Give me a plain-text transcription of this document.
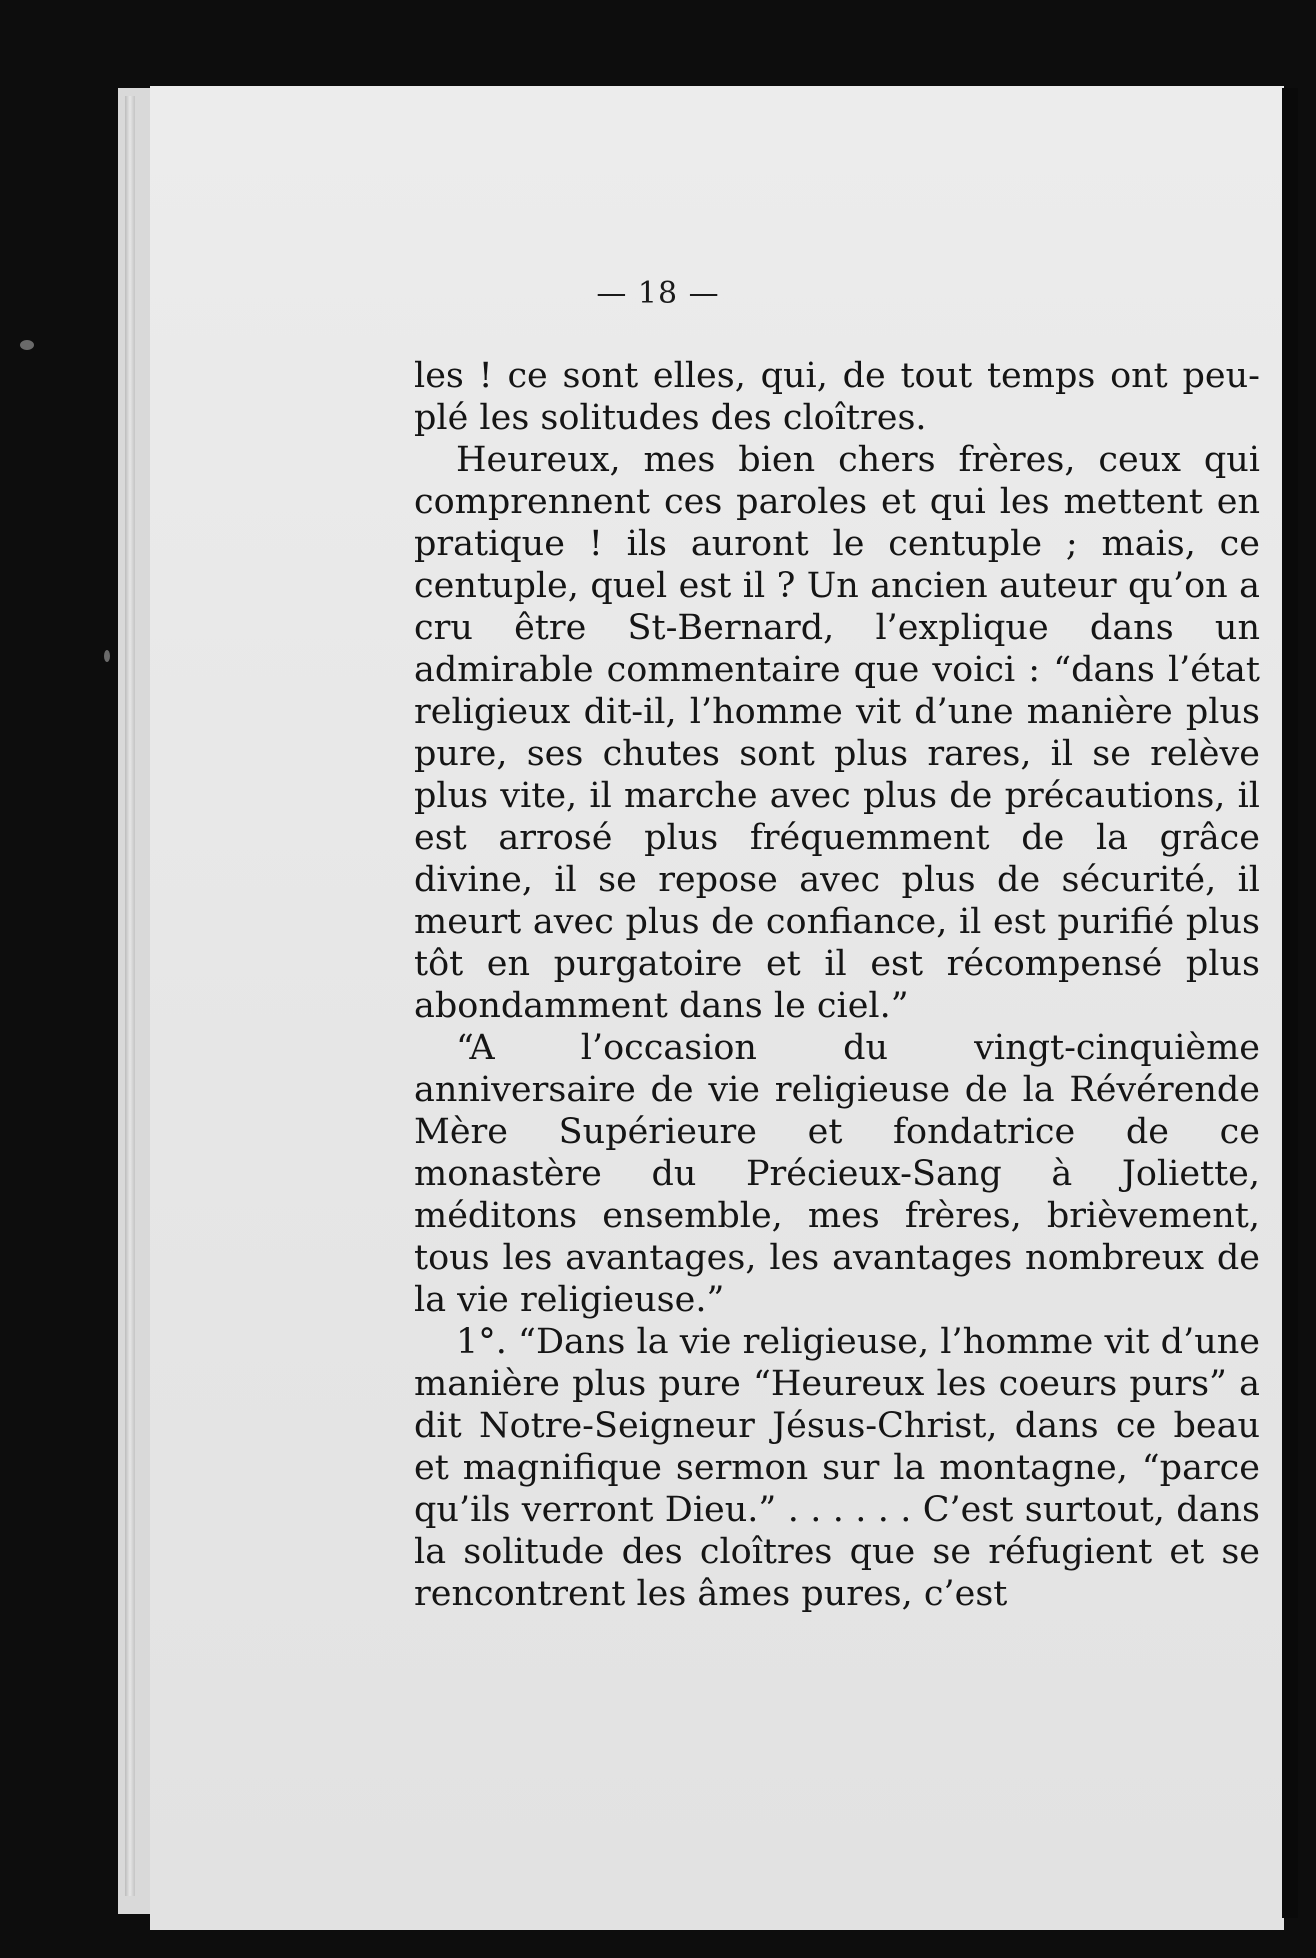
— 18 —

les ! ce sont elles, qui, de tout temps ont peu-plé les solitudes des cloîtres.

Heureux, mes bien chers frères, ceux qui comprennent ces paroles et qui les mettent en pratique ! ils auront le centuple ; mais, ce centuple, quel est il ? Un ancien auteur qu’on a cru être St-Bernard, l’explique dans un admirable commentaire que voici : “dans l’état religieux dit-il, l’homme vit d’une manière plus pure, ses chutes sont plus rares, il se relève plus vite, il marche avec plus de précautions, il est arrosé plus fréquemment de la grâce divine, il se repose avec plus de sécurité, il meurt avec plus de confiance, il est purifié plus tôt en purgatoire et il est récompensé plus abondamment dans le ciel.”

“A l’occasion du vingt-cinquième anniversaire de vie religieuse de la Révérende Mère Supérieure et fondatrice de ce monastère du Précieux-Sang à Joliette, méditons ensemble, mes frères, brièvement, tous les avantages, les avantages nombreux de la vie religieuse.”

1°. “Dans la vie religieuse, l’homme vit d’une manière plus pure “Heureux les coeurs purs” a dit Notre-Seigneur Jésus-Christ, dans ce beau et magnifique sermon sur la montagne, “parce qu’ils verront Dieu.” . . . . . . C’est surtout, dans la solitude des cloîtres que se réfugient et se rencontrent les âmes pures, c’est
